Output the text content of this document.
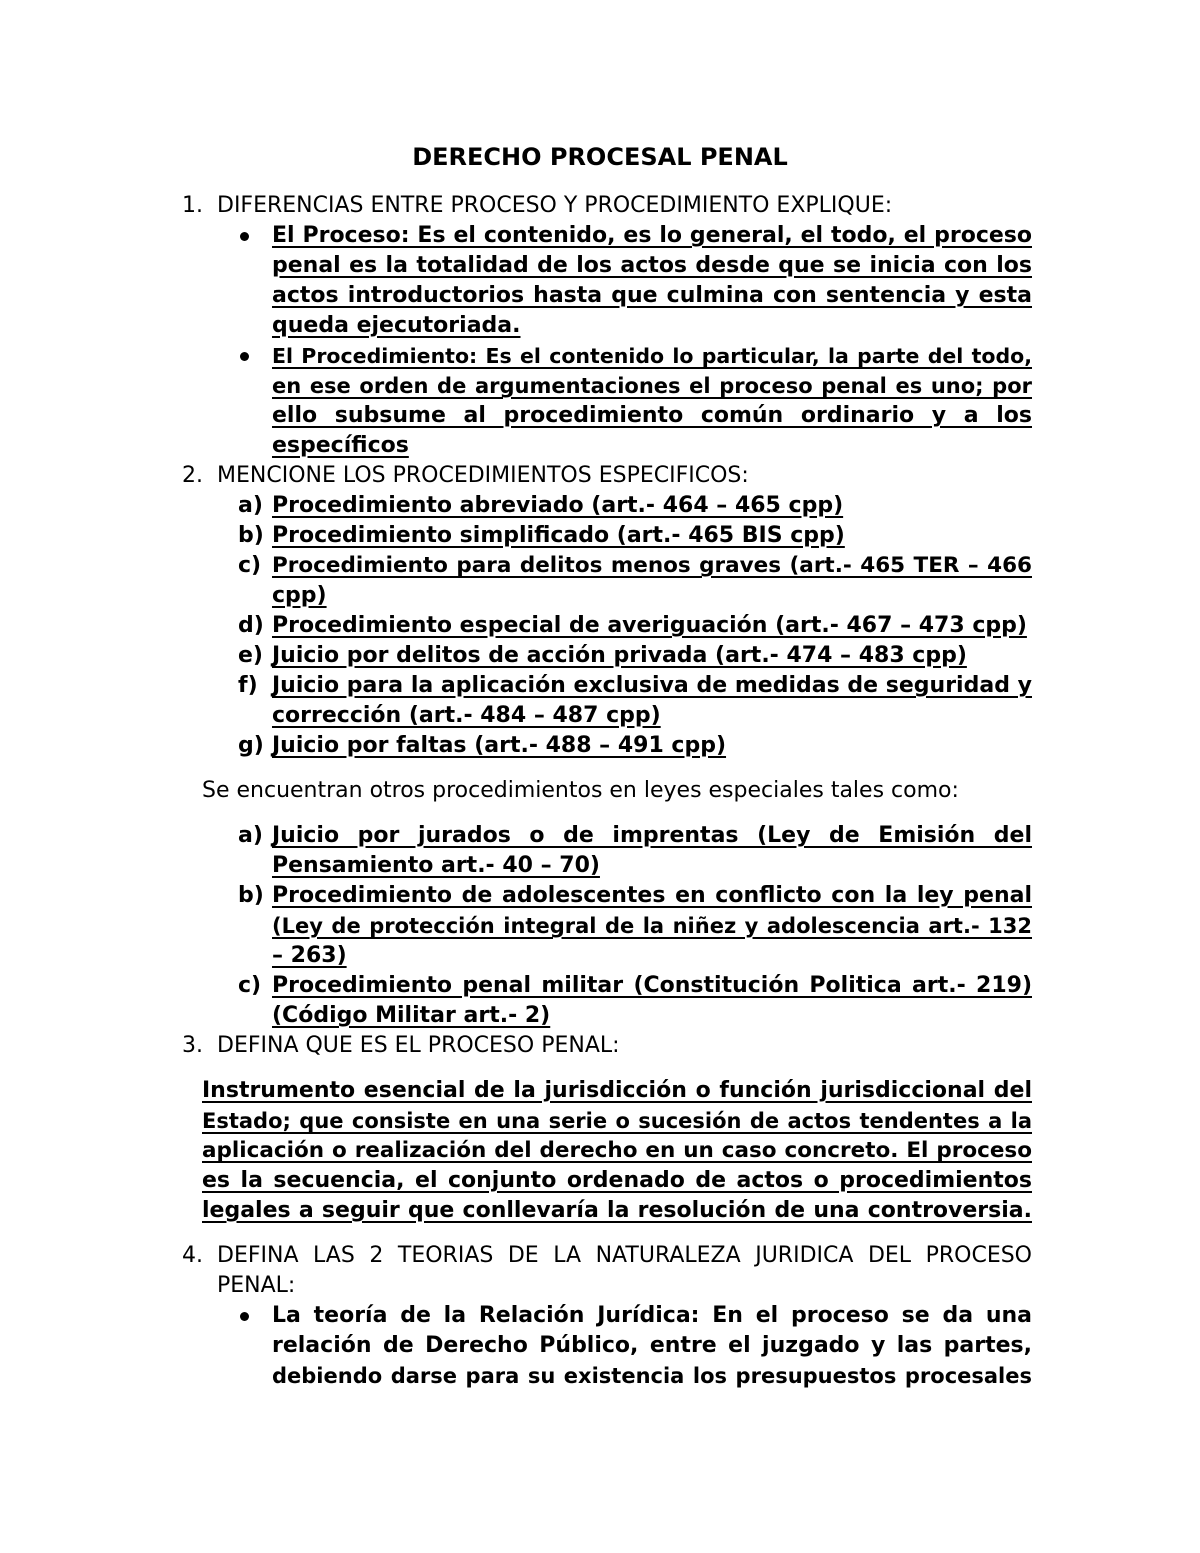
DERECHO PROCESAL PENAL
1. DIFERENCIAS ENTRE PROCESO Y PROCEDIMIENTO EXPLIQUE:
El Proceso: Es el contenido, es lo general, el todo, el proceso
penal es la totalidad de los actos desde que se inicia con los
actos introductorios hasta que culmina con sentencia y esta
queda ejecutoriada.
El Procedimiento: Es el contenido lo particular, la parte del todo,
en ese orden de argumentaciones el proceso penal es uno; por
ello subsume al procedimiento común ordinario y a los
específicos
2. MENCIONE LOS PROCEDIMIENTOS ESPECIFICOS:
a) Procedimiento abreviado (art.- 464 – 465 cpp)
b) Procedimiento simplificado (art.- 465 BIS cpp)
c) Procedimiento para delitos menos graves (art.- 465 TER – 466
cpp)
d) Procedimiento especial de averiguación (art.- 467 – 473 cpp)
e) Juicio por delitos de acción privada (art.- 474 – 483 cpp)
f) Juicio para la aplicación exclusiva de medidas de seguridad y
corrección (art.- 484 – 487 cpp)
g) Juicio por faltas (art.- 488 – 491 cpp)
Se encuentran otros procedimientos en leyes especiales tales como:
a) Juicio por jurados o de imprentas (Ley de Emisión del
Pensamiento art.- 40 – 70)
b) Procedimiento de adolescentes en conflicto con la ley penal
(Ley de protección integral de la niñez y adolescencia art.- 132
– 263)
c) Procedimiento penal militar (Constitución Politica art.- 219)
(Código Militar art.- 2)
3. DEFINA QUE ES EL PROCESO PENAL:
Instrumento esencial de la jurisdicción o función jurisdiccional del
Estado; que consiste en una serie o sucesión de actos tendentes a la
aplicación o realización del derecho en un caso concreto. El proceso
es la secuencia, el conjunto ordenado de actos o procedimientos
legales a seguir que conllevaría la resolución de una controversia.
4. DEFINA LAS 2 TEORIAS DE LA NATURALEZA JURIDICA DEL PROCESO
PENAL:
La teoría de la Relación Jurídica: En el proceso se da una
relación de Derecho Público, entre el juzgado y las partes,
debiendo darse para su existencia los presupuestos procesales
